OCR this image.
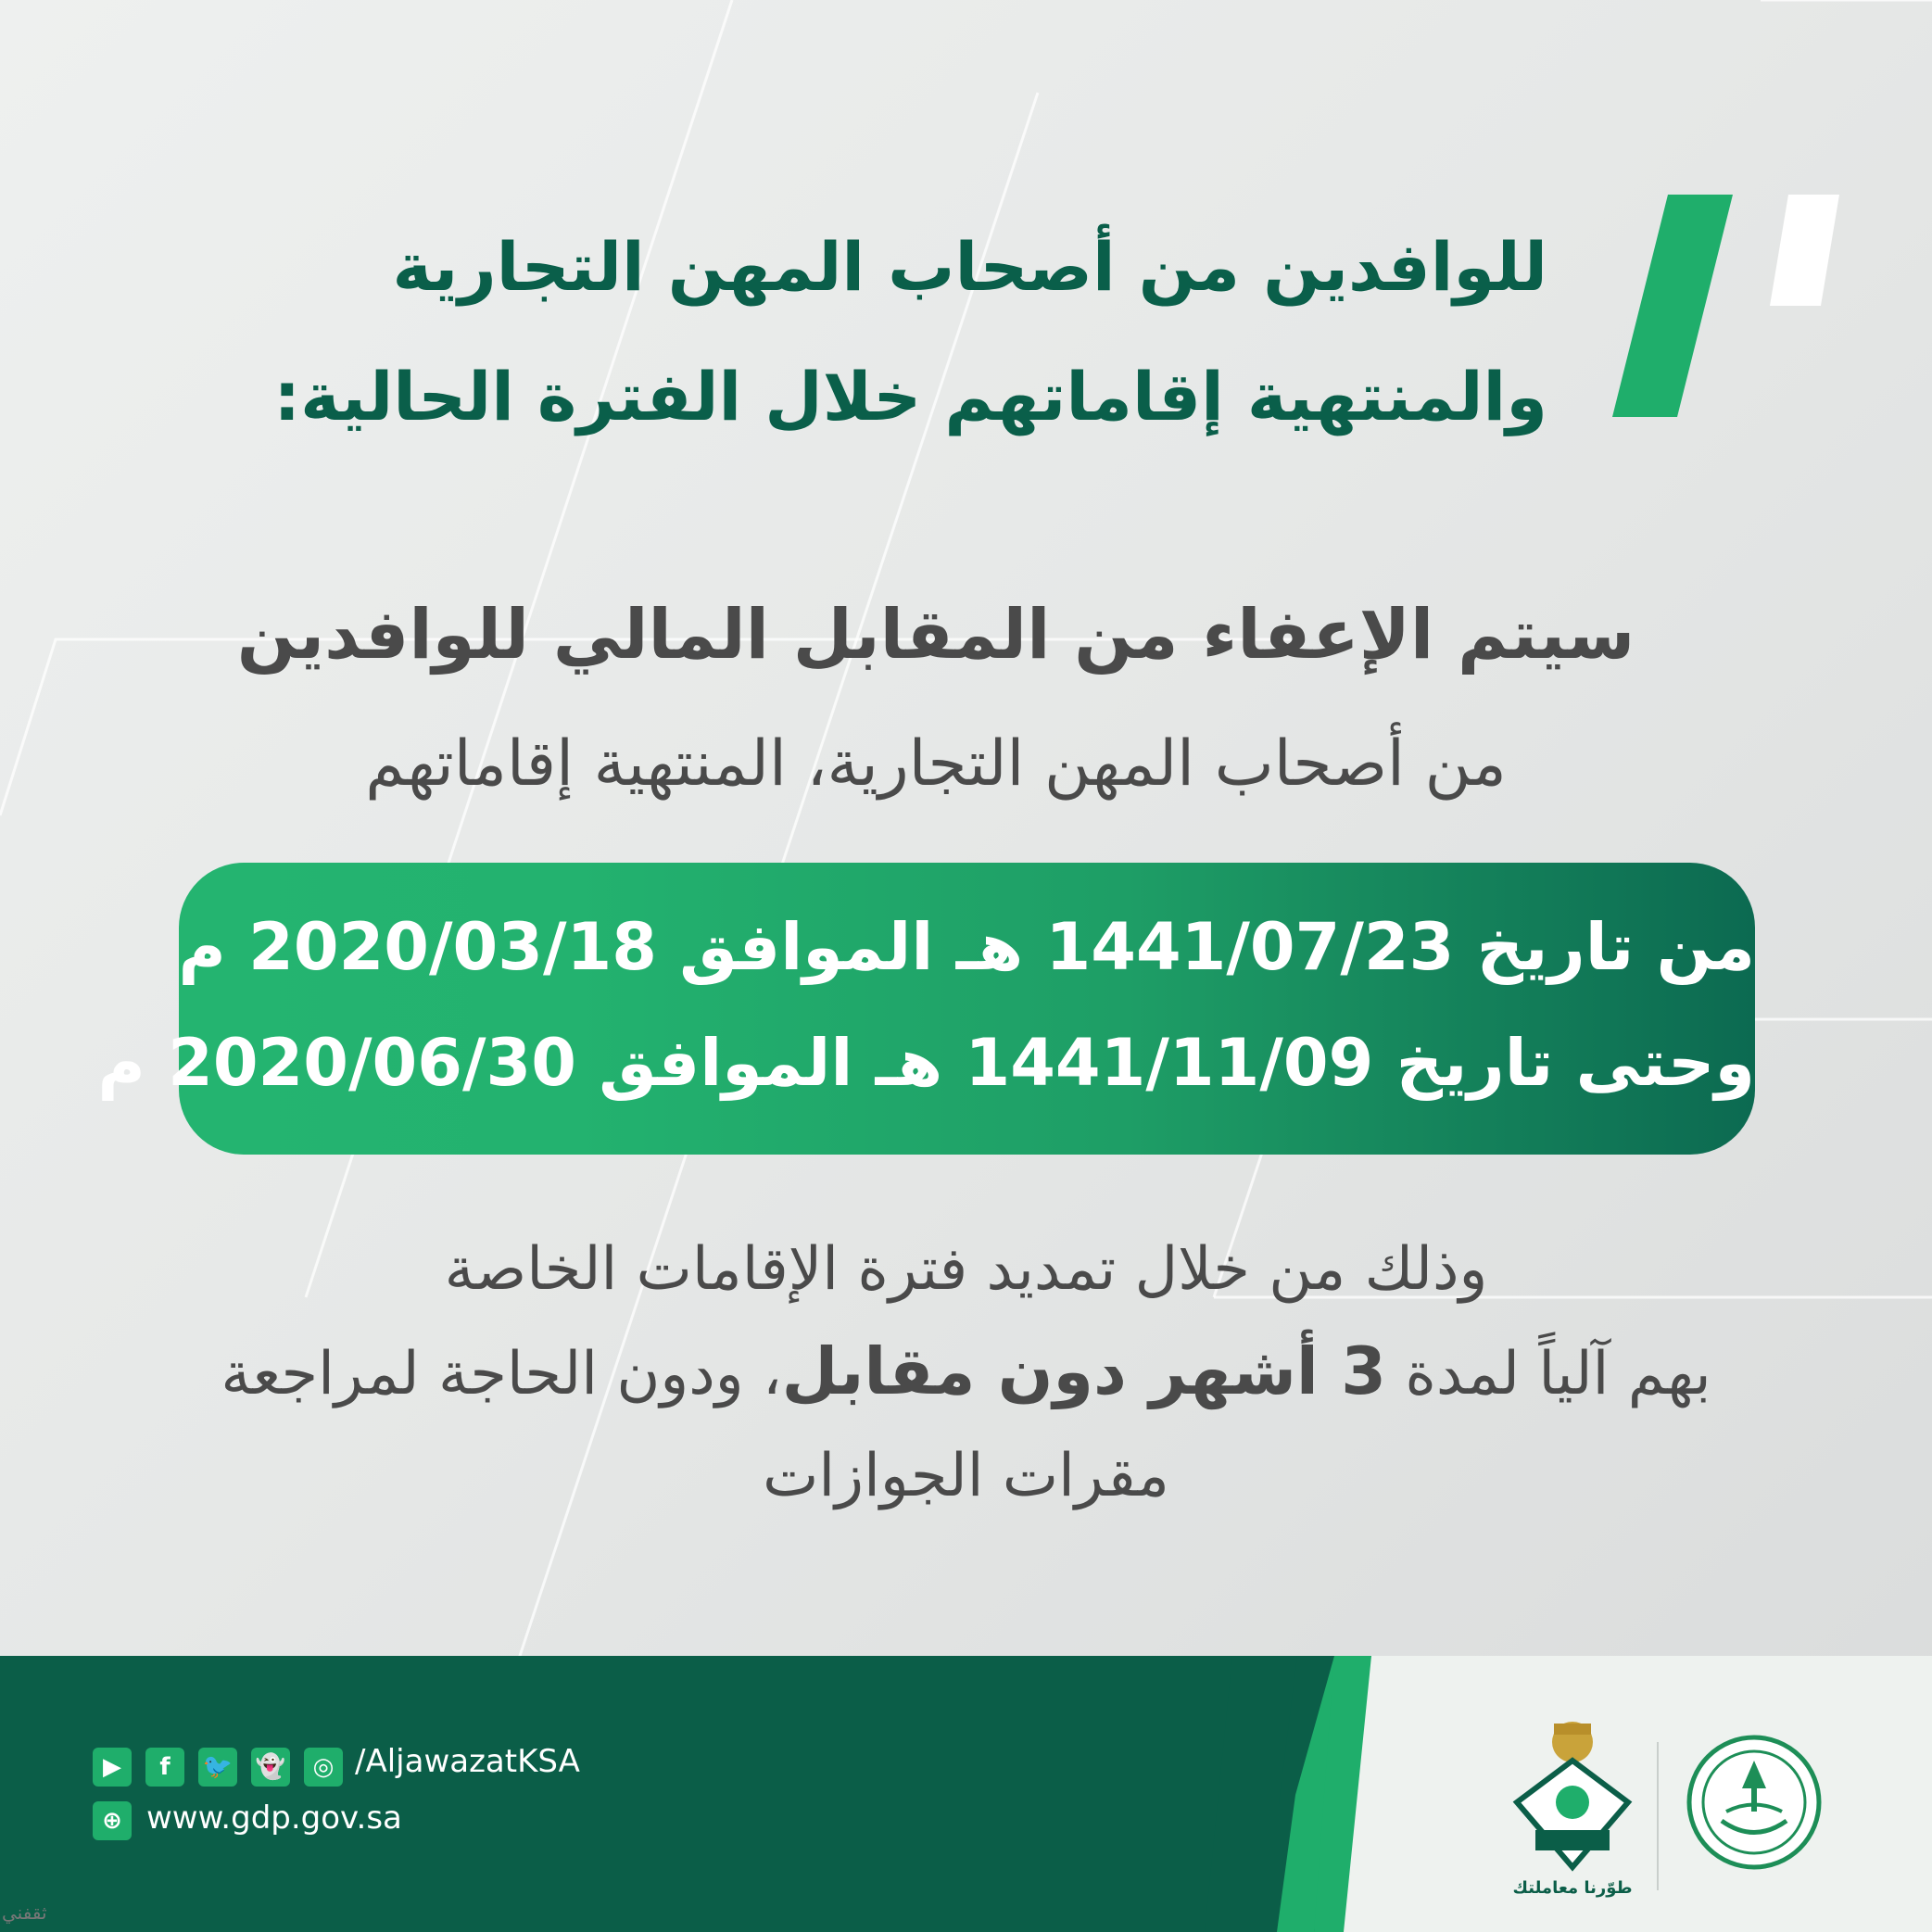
للوافدين من أصحاب المهن التجارية
والمنتهية إقاماتهم خلال الفترة الحالية:
سيتم الإعفاء من المقابل المالي للوافدين
من أصحاب المهن التجارية، المنتهية إقاماتهم
من تاريخ 1441/07/23 هـ الموافق 2020/03/18 م
وحتى تاريخ 1441/11/09 هـ الموافق 2020/06/30 م
وذلك من خلال تمديد فترة الإقامات الخاصة
بهم آلياً لمدة 3 أشهر دون مقابل، ودون الحاجة لمراجعة
مقرات الجوازات
▶	f	🐦 👻	◎ /AljawazatKSA
⊕ www.gdp.gov.sa
طوّرنا معاملتك
ثقفني
